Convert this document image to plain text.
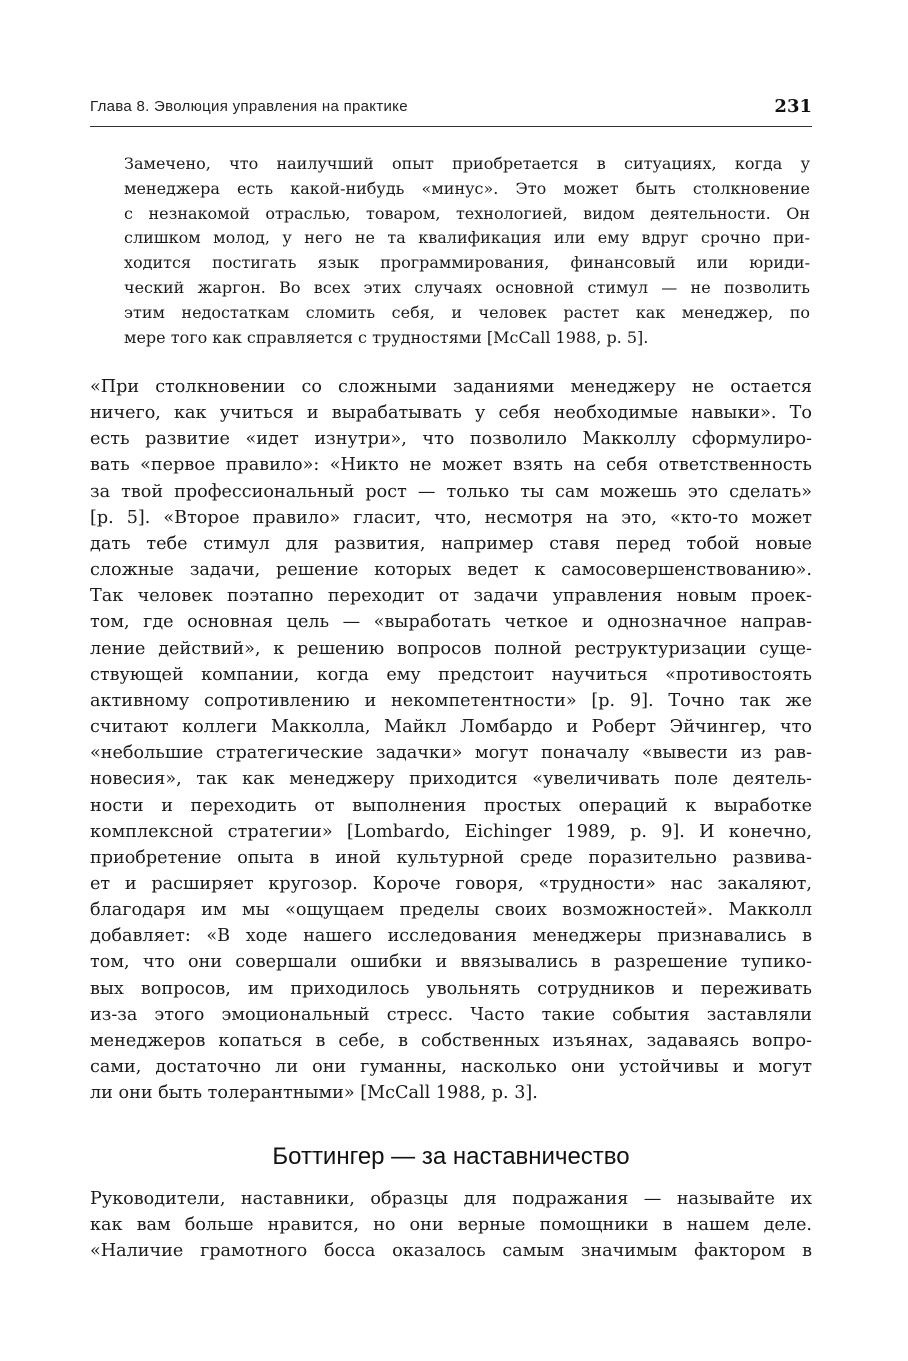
Глава 8. Эволюция управления на практике	231
Замечено, что наилучший опыт приобретается в ситуациях, когда у
менеджера есть какой-нибудь «минус». Это может быть столкновение
с незнакомой отраслью, товаром, технологией, видом деятельности. Он
слишком молод, у него не та квалификация или ему вдруг срочно при-
ходится постигать язык программирования, финансовый или юриди-
ческий жаргон. Во всех этих случаях основной стимул — не позволить
этим недостаткам сломить себя, и человек растет как менеджер, по
мере того как справляется с трудностями [McCall 1988, p. 5].
«При столкновении со сложными заданиями менеджеру не остается
ничего, как учиться и вырабатывать у себя необходимые навыки». То
есть развитие «идет изнутри», что позволило Макколлу сформулиро-
вать «первое правило»: «Никто не может взять на себя ответственность
за твой профессиональный рост — только ты сам можешь это сделать»
[p. 5]. «Второе правило» гласит, что, несмотря на это, «кто-то может
дать тебе стимул для развития, например ставя перед тобой новые
сложные задачи, решение которых ведет к самосовершенствованию».
Так человек поэтапно переходит от задачи управления новым проек-
том, где основная цель — «выработать четкое и однозначное направ-
ление действий», к решению вопросов полной реструктуризации суще-
ствующей компании, когда ему предстоит научиться «противостоять
активному сопротивлению и некомпетентности» [p. 9]. Точно так же
считают коллеги Макколла, Майкл Ломбардо и Роберт Эйчингер, что
«небольшие стратегические задачки» могут поначалу «вывести из рав-
новесия», так как менеджеру приходится «увеличивать поле деятель-
ности и переходить от выполнения простых операций к выработке
комплексной стратегии» [Lombardo, Eichinger 1989, p. 9]. И конечно,
приобретение опыта в иной культурной среде поразительно развива-
ет и расширяет кругозор. Короче говоря, «трудности» нас закаляют,
благодаря им мы «ощущаем пределы своих возможностей». Макколл
добавляет: «В ходе нашего исследования менеджеры признавались в
том, что они совершали ошибки и ввязывались в разрешение тупико-
вых вопросов, им приходилось увольнять сотрудников и переживать
из-за этого эмоциональный стресс. Часто такие события заставляли
менеджеров копаться в себе, в собственных изъянах, задаваясь вопро-
сами, достаточно ли они гуманны, насколько они устойчивы и могут
ли они быть толерантными» [McCall 1988, p. 3].
Боттингер — за наставничество
Руководители, наставники, образцы для подражания — называйте их
как вам больше нравится, но они верные помощники в нашем деле.
«Наличие грамотного босса оказалось самым значимым фактором в
